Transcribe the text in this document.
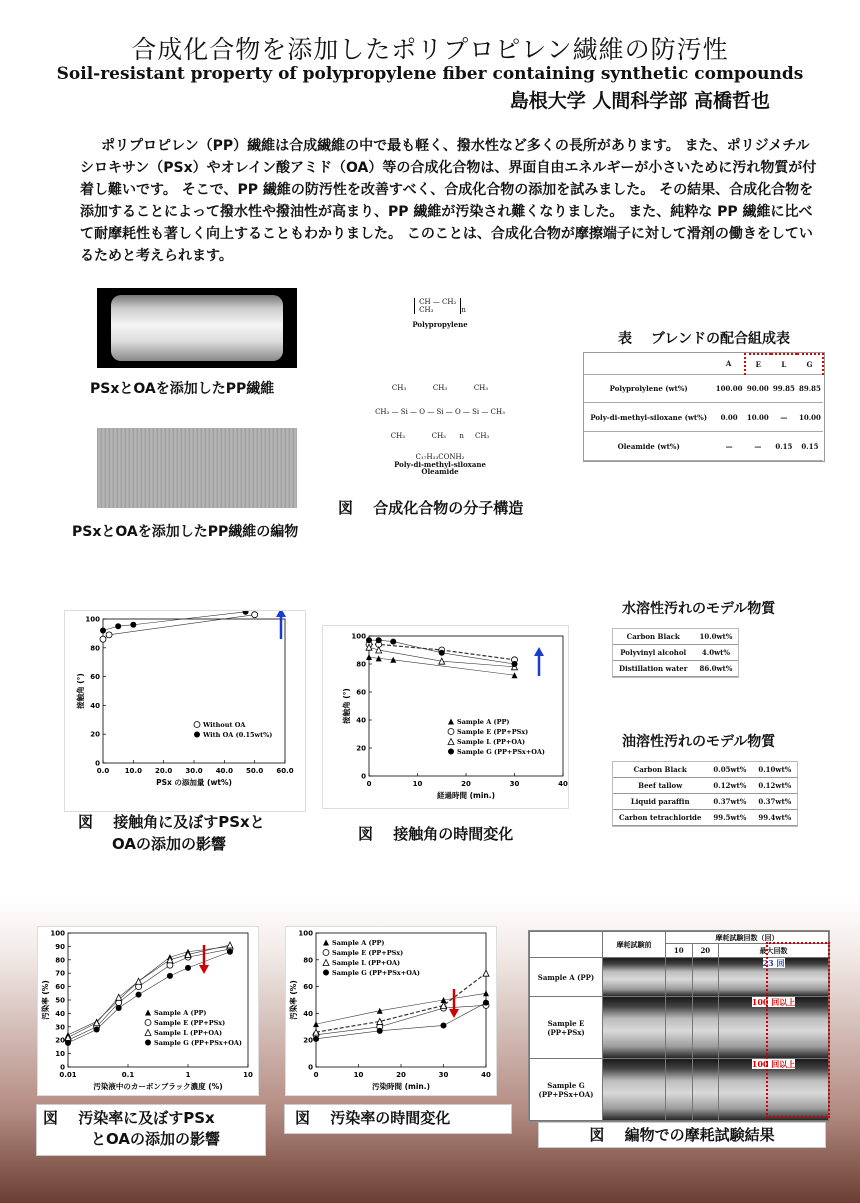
合成化合物を添加したポリプロピレン繊維の防汚性
Soil-resistant property of polypropylene fiber containing synthetic compounds
島根大学 人間科学部 高橋哲也
ポリプロピレン（PP）繊維は合成繊維の中で最も軽く、撥水性など多くの長所があります。 また、ポリジメチルシロキサン（PSx）やオレイン酸アミド（OA）等の合成化合物は、界面自由エネルギーが小さいために汚れ物質が付着し難いです。 そこで、PP 繊維の防汚性を改善すべく、合成化合物の添加を試みました。 その結果、合成化合物を添加することによって撥水性や撥油性が高まり、PP 繊維が汚染され難くなりました。 また、純粋な PP 繊維に比べて耐摩耗性も著しく向上することもわかりました。 このことは、合成化合物が摩擦端子に対して滑剤の働きをしているためと考えられます。
PSxとOAを添加したPP繊維
PSxとOAを添加したPP繊維の編物
CH — CH₂
CH₃	n
Polypropylene

CH₃            CH₃            CH₃

CH₃ — Si — O — Si — O — Si — CH₃

CH₃            CH₃      n     CH₃

Poly-di-methyl-siloxane

C₁₇H₃₃CONH₂
Oleamide
図　 合成化合物の分子構造
表　 ブレンドの配合組成表
	A	E	L	G
Polyprolylene (wt%)	100.00	90.00	99.85	89.85
Poly-di-methyl-siloxane (wt%)	0.00	10.00	—	10.00
Oleamide (wt%)	—	—	0.15	0.15
0.0 10.0 20.0 30.0 40.0 50.0 60.0
0
20
40
60
80
100
PSx の添加量 (wt%)
接触角 (°)
Without OA
With OA (0.15wt%)
図　 接触角に及ぼすPSxと
OAの添加の影響
0	10	20	30	40
0
20
40
60
80
100
経過時間 (min.)
接触角 (°)	Sample A (PP)
Sample E (PP+PSx)
Sample L (PP+OA)
Sample G (PP+PSx+OA)
図　 接触角の時間変化
水溶性汚れのモデル物質
Carbon Black	10.0wt%
Polyvinyl alcohol	4.0wt%
Distillation water	86.0wt%
油溶性汚れのモデル物質
Carbon Black	0.05wt%	0.10wt%
Beef tallow	0.12wt%	0.12wt%
Liquid paraffin	0.37wt%	0.37wt%
Carbon tetrachloride	99.5wt%	99.4wt%
0.01	0.1	1	10
0
10
20
30
40
50
60
70
80
90
100
汚染液中のカーボンブラック濃度 (%)
汚染率 (%)	Sample A (PP)
Sample E (PP+PSx)
Sample L (PP+OA)
Sample G (PP+PSx+OA)
図　 汚染率に及ぼすPSx
とOAの添加の影響
0	10	20	30	40
0
20
40
60
80
100
汚染時間 (min.)
汚染率 (%)
Sample A (PP)
Sample E (PP+PSx)
Sample L (PP+OA)
Sample G (PP+PSx+OA)
図　 汚染率の時間変化
	摩耗試験前	摩耗試験回数（回）		
		10	20	最大回数
Sample A (PP)				23 回
Sample E (PP+PSx)				100 回以上
Sample G (PP+PSx+OA)				100 回以上
図　 編物での摩耗試験結果
